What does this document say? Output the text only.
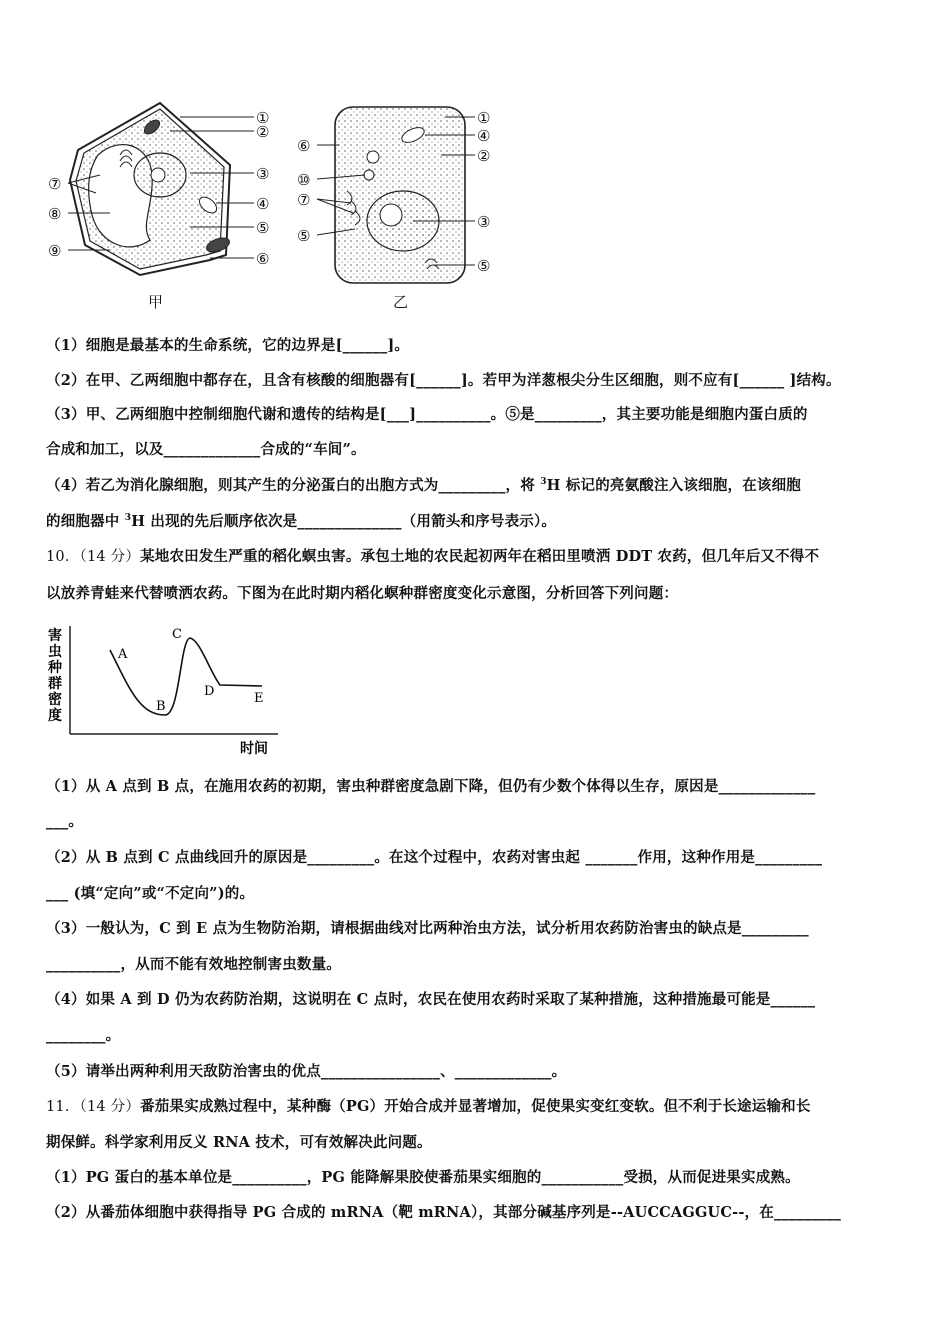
①
②
③
④
⑤
⑥
⑦
⑧
⑨
甲
①
④
②
③
⑤
⑥
⑩
⑦
⑤
乙
（1）细胞是最基本的生命系统，它的边界是[______]。
（2）在甲、乙两细胞中都存在，且含有核酸的细胞器有[______]。若甲为洋葱根尖分生区细胞，则不应有[______ ]结构。
（3）甲、乙两细胞中控制细胞代谢和遗传的结构是[___]__________。⑤是_________，其主要功能是细胞内蛋白质的
合成和加工，以及_____________合成的“车间”。
（4）若乙为消化腺细胞，则其产生的分泌蛋白的出胞方式为_________，将 $^3$H 标记的亮氨酸注入该细胞，在该细胞
的细胞器中 $^3$H 出现的先后顺序依次是______________（用箭头和序号表示）。
10．（14 分）某地农田发生严重的稻化螟虫害。承包土地的农民起初两年在稻田里喷洒 DDT 农药，但几年后又不得不
以放养青蛙来代替喷洒农药。下图为在此时期内稻化螟种群密度变化示意图，分析回答下列问题：
害
虫
种
群
密
度
时间
A
B
C
D	E
（1）从 A 点到 B 点，在施用农药的初期，害虫种群密度急剧下降，但仍有少数个体得以生存，原因是_____________
___。
（2）从 B 点到 C 点曲线回升的原因是_________。在这个过程中，农药对害虫起 _______作用，这种作用是_________
___ (填“定向”或“不定向”)的。
（3）一般认为，C 到 E 点为生物防治期，请根据曲线对比两种治虫方法，试分析用农药防治害虫的缺点是_________
__________，从而不能有效地控制害虫数量。
（4）如果 A 到 D 仍为农药防治期，这说明在 C 点时，农民在使用农药时采取了某种措施，这种措施最可能是______
________。
（5）请举出两种利用天敌防治害虫的优点________________、_____________。
11．（14 分）番茄果实成熟过程中，某种酶（PG）开始合成并显著增加，促使果实变红变软。但不利于长途运输和长
期保鲜。科学家利用反义 RNA 技术，可有效解决此问题。
（1）PG 蛋白的基本单位是__________，PG 能降解果胶使番茄果实细胞的___________受损，从而促进果实成熟。
（2）从番茄体细胞中获得指导 PG 合成的 mRNA（靶 mRNA），其部分碱基序列是--AUCCAGGUC--，在_________
